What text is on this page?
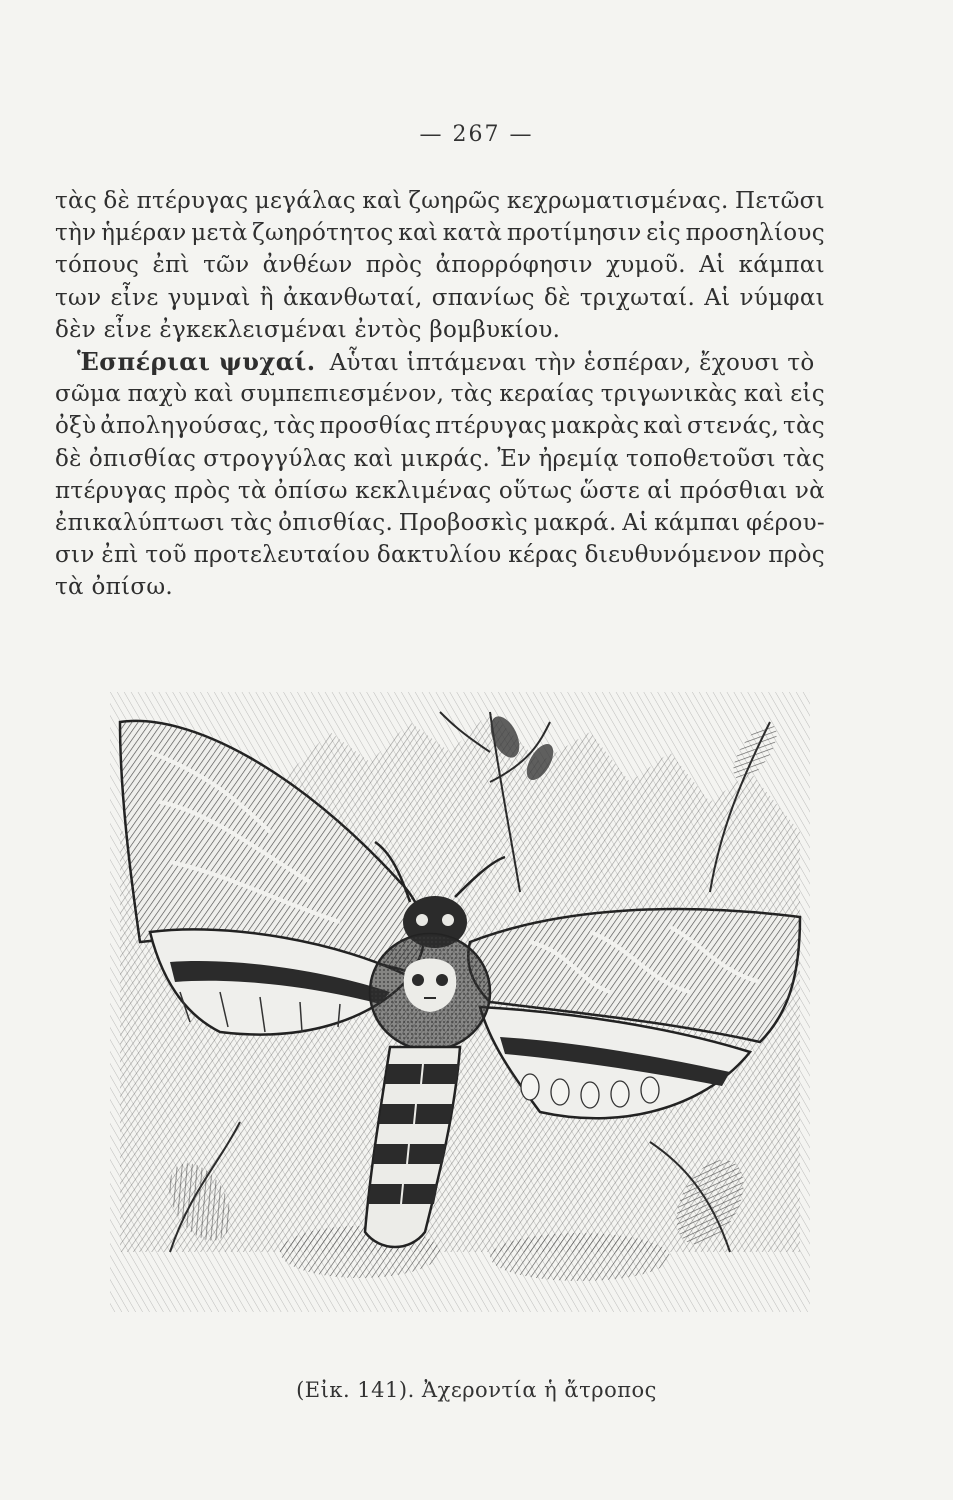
— 267 —
τὰς δὲ πτέρυγας μεγάλας καὶ ζωηρῶς κεχρωματισμένας. Πετῶσι
τὴν ἡμέραν μετὰ ζωηρότητος καὶ κατὰ προτίμησιν εἰς προσηλίους
τόπους ἐπὶ τῶν ἀνθέων πρὸς ἀπορρόφησιν χυμοῦ. Αἱ κάμπαι
των εἶνε γυμναὶ ἢ ἀκανθωταί, σπανίως δὲ τριχωταί. Αἱ νύμφαι
δὲν εἶνε ἐγκεκλεισμέναι ἐντὸς βομβυκίου.
Ἑσπέριαι ψυχαί. Αὗται ἱπτάμεναι τὴν ἑσπέραν, ἔχουσι τὸ
σῶμα παχὺ καὶ συμπεπιεσμένον, τὰς κεραίας τριγωνικὰς καὶ εἰς
ὀξὺ ἀποληγούσας, τὰς προσθίας πτέρυγας μακρὰς καὶ στενάς, τὰς
δὲ ὀπισθίας στρογγύλας καὶ μικράς. Ἐν ἠρεμίᾳ τοποθετοῦσι τὰς
πτέρυγας πρὸς τὰ ὀπίσω κεκλιμένας οὕτως ὥστε αἱ πρόσθιαι νὰ
ἐπικαλύπτωσι τὰς ὀπισθίας. Προβοσκὶς μακρά. Αἱ κάμπαι φέρου-
σιν ἐπὶ τοῦ προτελευταίου δακτυλίου κέρας διευθυνόμενον πρὸς
τὰ ὀπίσω.
(Εἰκ. 141). Ἀχεροντία ἡ ἄτροπος
